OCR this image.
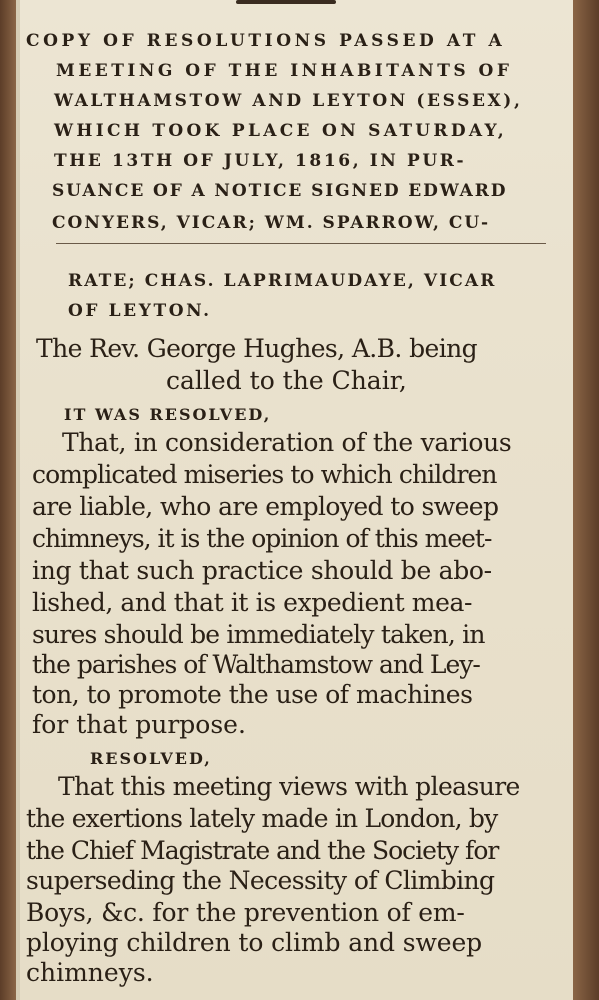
COPY OF RESOLUTIONS PASSED AT A
MEETING OF THE INHABITANTS OF
WALTHAMSTOW AND LEYTON (ESSEX),
WHICH TOOK PLACE ON SATURDAY,
THE 13TH OF JULY, 1816, IN PUR-
SUANCE OF A NOTICE SIGNED EDWARD
CONYERS, VICAR; WM. SPARROW, CU-
RATE; CHAS. LAPRIMAUDAYE, VICAR
OF LEYTON.
The Rev. George Hughes, A.B. being
called to the Chair,
IT WAS RESOLVED,
That, in consideration of the various
complicated miseries to which children
are liable, who are employed to sweep
chimneys, it is the opinion of this meet-
ing that such practice should be abo-
lished, and that it is expedient mea-
sures should be immediately taken, in
the parishes of Walthamstow and Ley-
ton, to promote the use of machines
for that purpose.
RESOLVED,
That this meeting views with pleasure
the exertions lately made in London, by
the Chief Magistrate and the Society for
superseding the Necessity of Climbing
Boys, &c. for the prevention of em-
ploying children to climb and sweep
chimneys.
